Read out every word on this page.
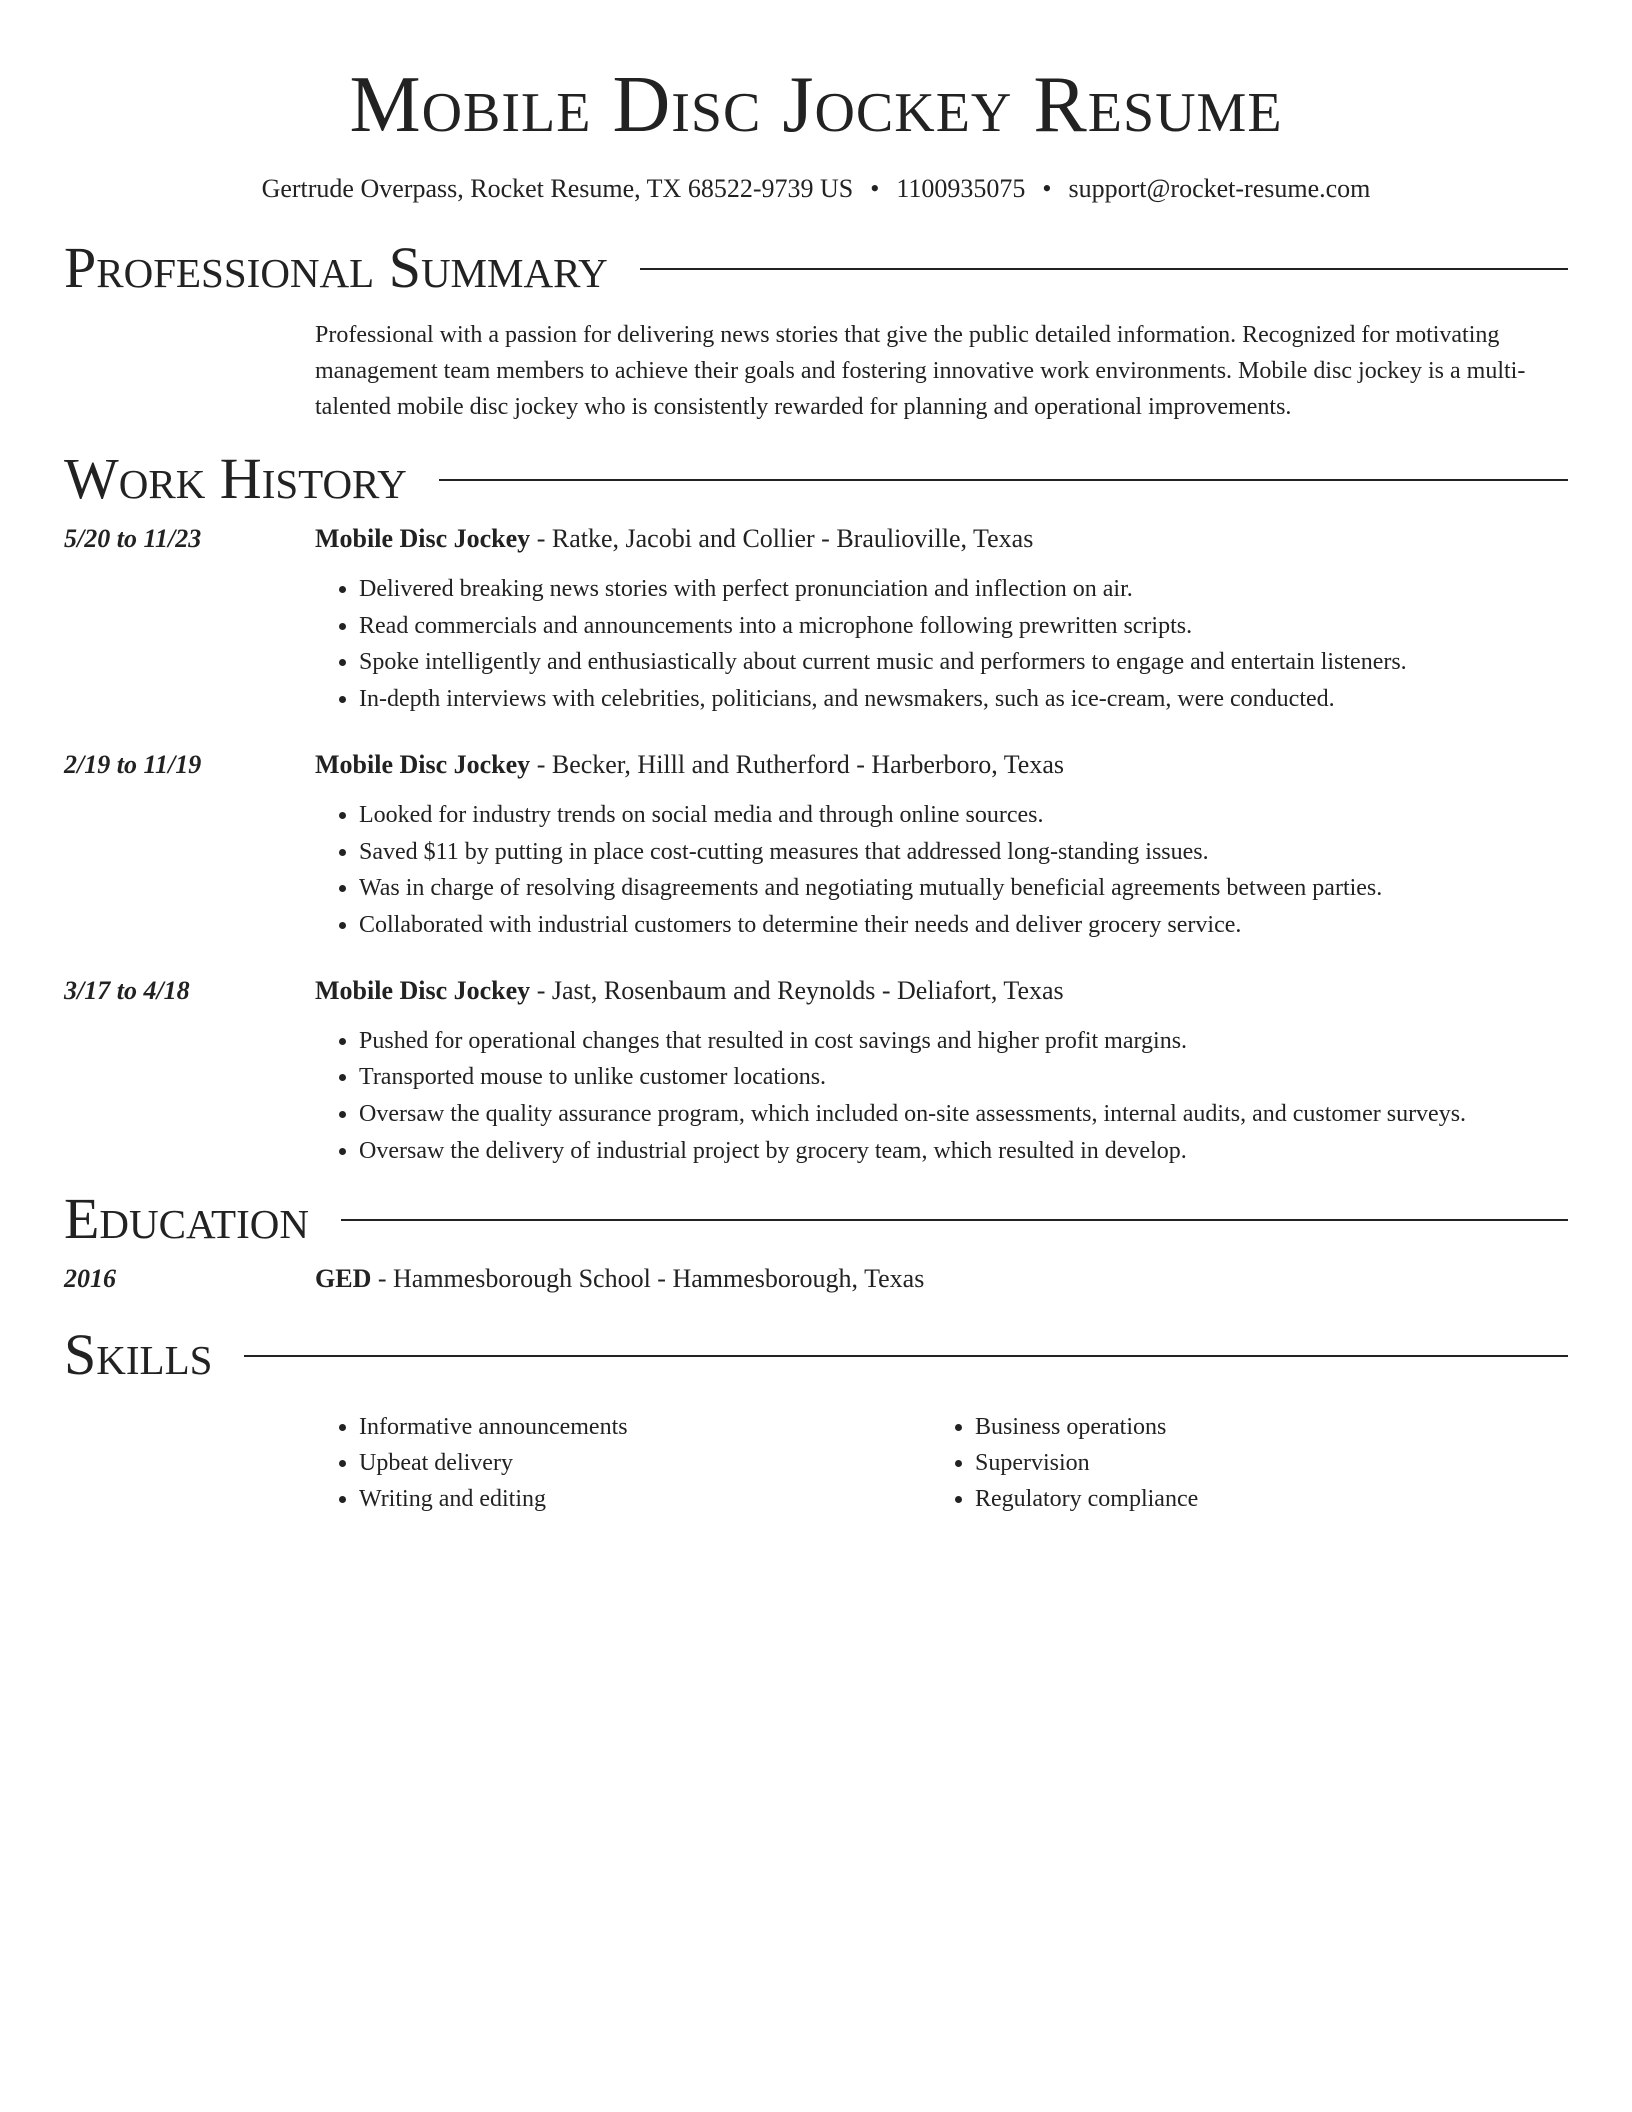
Mobile Disc Jockey Resume
Gertrude Overpass, Rocket Resume, TX 68522-9739 US • 1100935075 • support@rocket-resume.com
Professional Summary
Professional with a passion for delivering news stories that give the public detailed information. Recognized for motivating management team members to achieve their goals and fostering innovative work environments. Mobile disc jockey is a multi-talented mobile disc jockey who is consistently rewarded for planning and operational improvements.
Work History
5/20 to 11/23	Mobile Disc Jockey - Ratke, Jacobi and Collier - Braulioville, Texas
• Delivered breaking news stories with perfect pronunciation and inflection on air.
• Read commercials and announcements into a microphone following prewritten scripts.
• Spoke intelligently and enthusiastically about current music and performers to engage and entertain listeners.
• In-depth interviews with celebrities, politicians, and newsmakers, such as ice-cream, were conducted.
2/19 to 11/19	Mobile Disc Jockey - Becker, Hilll and Rutherford - Harberboro, Texas
• Looked for industry trends on social media and through online sources.
• Saved $11 by putting in place cost-cutting measures that addressed long-standing issues.
• Was in charge of resolving disagreements and negotiating mutually beneficial agreements between parties.
• Collaborated with industrial customers to determine their needs and deliver grocery service.
3/17 to 4/18	Mobile Disc Jockey - Jast, Rosenbaum and Reynolds - Deliafort, Texas
• Pushed for operational changes that resulted in cost savings and higher profit margins.
• Transported mouse to unlike customer locations.
• Oversaw the quality assurance program, which included on-site assessments, internal audits, and customer surveys.
• Oversaw the delivery of industrial project by grocery team, which resulted in develop.
Education
2016	GED - Hammesborough School - Hammesborough, Texas
Skills
• Informative announcements
• Upbeat delivery
• Writing and editing
• Business operations
• Supervision
• Regulatory compliance
